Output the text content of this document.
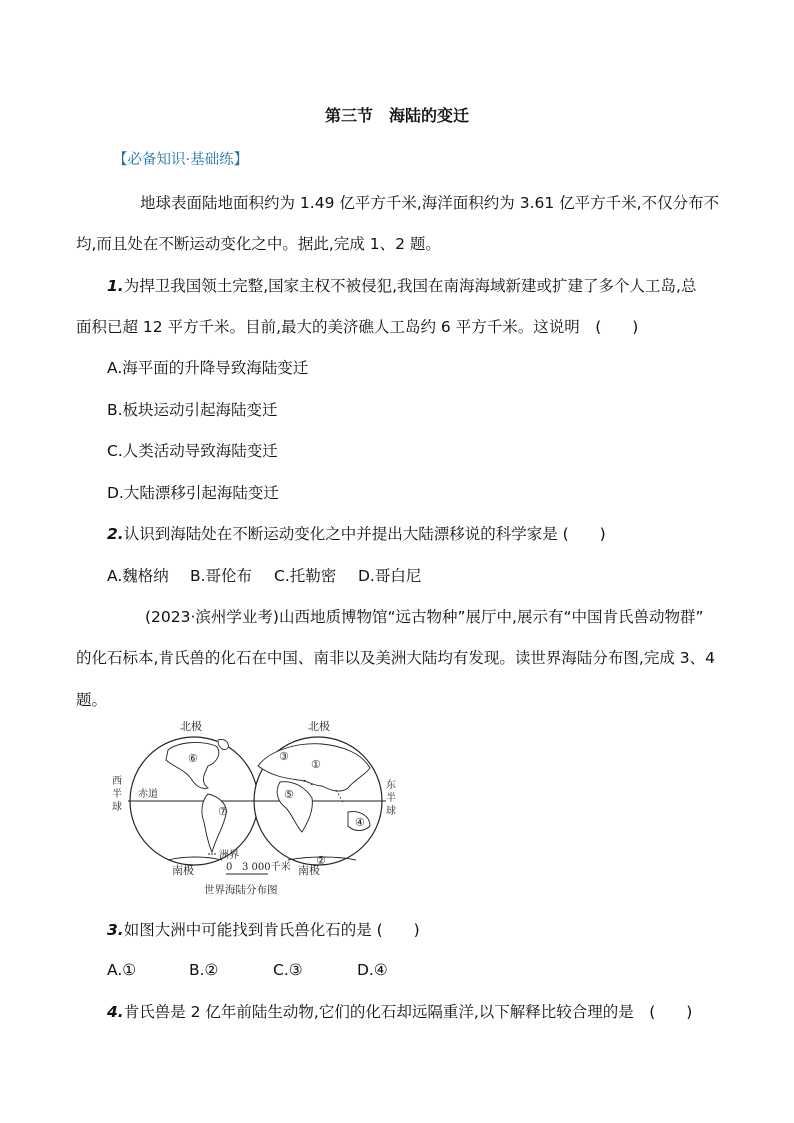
第三节 海陆的变迁
【必备知识·基础练】
地球表面陆地面积约为 1.49 亿平方千米,海洋面积约为 3.61 亿平方千米,不仅分布不
均,而且处在不断运动变化之中。据此,完成 1、2 题。
1.为捍卫我国领土完整,国家主权不被侵犯,我国在南海海域新建或扩建了多个人工岛,总
面积已超 12 平方千米。目前,最大的美济礁人工岛约 6 平方千米。这说明　(　　)
A.海平面的升降导致海陆变迁
B.板块运动引起海陆变迁
C.人类活动导致海陆变迁
D.大陆漂移引起海陆变迁
2.认识到海陆处在不断运动变化之中并提出大陆漂移说的科学家是 (　　)
A.魏格纳 B.哥伦布 C.托勒密 D.哥白尼
(2023·滨州学业考)山西地质博物馆“远古物种”展厅中,展示有“中国肯氏兽动物群”
的化石标本,肯氏兽的化石在中国、南非以及美洲大陆均有发现。读世界海陆分布图,完成 3、4
题。
北极	北极
南极	南极
赤道
西
半
球
东
半
球
①
②
③
④
⑤
⑥
⑦
洲界
0 3 000千米
世界海陆分布图
3.如图大洲中可能找到肯氏兽化石的是 (　　)
A.①	B.②	C.③	D.④
4.肯氏兽是 2 亿年前陆生动物,它们的化石却远隔重洋,以下解释比较合理的是　(　　)
